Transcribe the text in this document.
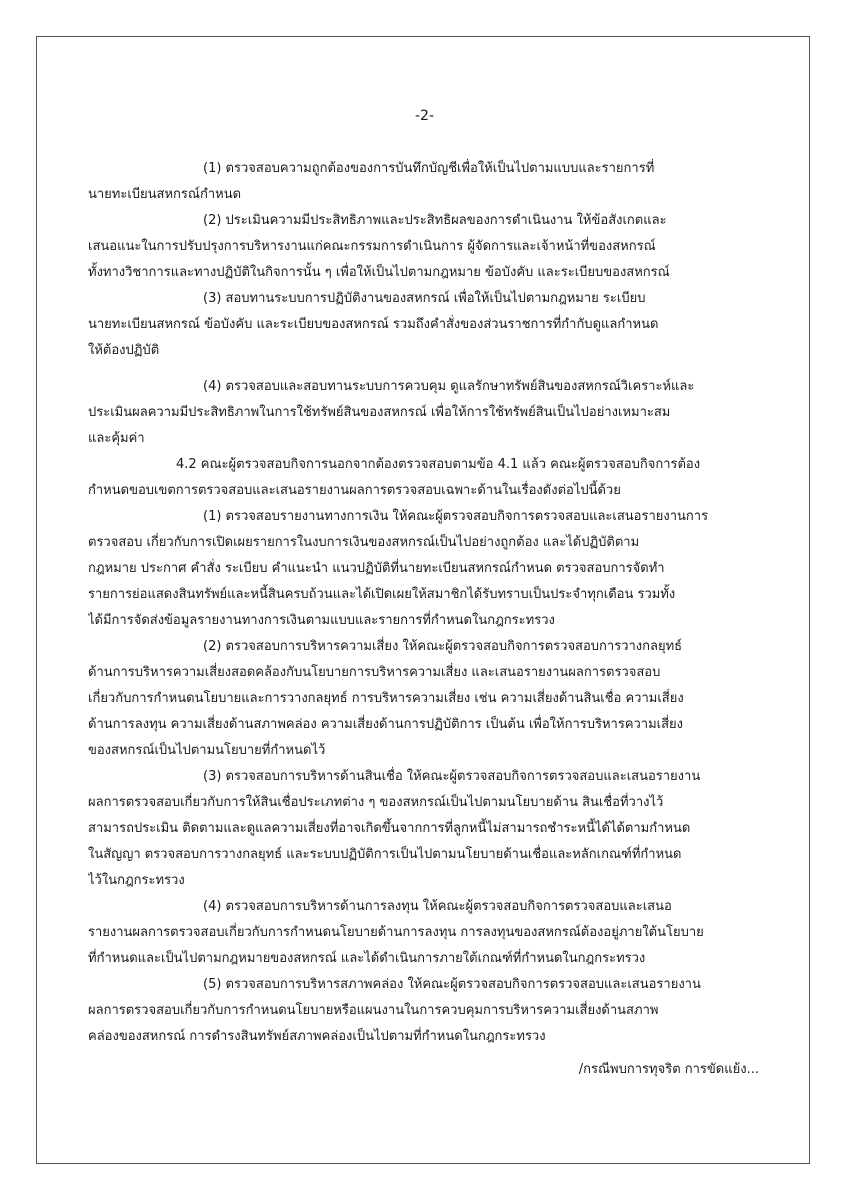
-2-
(1) ตรวจสอบความถูกต้องของการบันทึกบัญชีเพื่อให้เป็นไปตามแบบและรายการที่
นายทะเบียนสหกรณ์กำหนด
(2) ประเมินความมีประสิทธิภาพและประสิทธิผลของการดำเนินงาน ให้ข้อสังเกตและ
เสนอแนะในการปรับปรุงการบริหารงานแก่คณะกรรมการดำเนินการ ผู้จัดการและเจ้าหน้าที่ของสหกรณ์
ทั้งทางวิชาการและทางปฏิบัติในกิจการนั้น ๆ เพื่อให้เป็นไปตามกฎหมาย ข้อบังคับ และระเบียบของสหกรณ์
(3) สอบทานระบบการปฏิบัติงานของสหกรณ์ เพื่อให้เป็นไปตามกฎหมาย ระเบียบ
นายทะเบียนสหกรณ์ ข้อบังคับ และระเบียบของสหกรณ์ รวมถึงคำสั่งของส่วนราชการที่กำกับดูแลกำหนด
ให้ต้องปฏิบัติ
(4) ตรวจสอบและสอบทานระบบการควบคุม ดูแลรักษาทรัพย์สินของสหกรณ์วิเคราะห์และ
ประเมินผลความมีประสิทธิภาพในการใช้ทรัพย์สินของสหกรณ์ เพื่อให้การใช้ทรัพย์สินเป็นไปอย่างเหมาะสม
และคุ้มค่า
4.2 คณะผู้ตรวจสอบกิจการนอกจากต้องตรวจสอบตามข้อ 4.1 แล้ว คณะผู้ตรวจสอบกิจการต้อง
กำหนดขอบเขตการตรวจสอบและเสนอรายงานผลการตรวจสอบเฉพาะด้านในเรื่องดังต่อไปนี้ด้วย
(1) ตรวจสอบรายงานทางการเงิน ให้คณะผู้ตรวจสอบกิจการตรวจสอบและเสนอรายงานการ
ตรวจสอบ เกี่ยวกับการเปิดเผยรายการในงบการเงินของสหกรณ์เป็นไปอย่างถูกต้อง และได้ปฏิบัติตาม
กฎหมาย ประกาศ คำสั่ง ระเบียบ คำแนะนำ แนวปฏิบัติที่นายทะเบียนสหกรณ์กำหนด ตรวจสอบการจัดทำ
รายการย่อแสดงสินทรัพย์และหนี้สินครบถ้วนและได้เปิดเผยให้สมาชิกได้รับทราบเป็นประจำทุกเดือน รวมทั้ง
ได้มีการจัดส่งข้อมูลรายงานทางการเงินตามแบบและรายการที่กำหนดในกฎกระทรวง
(2) ตรวจสอบการบริหารความเสี่ยง ให้คณะผู้ตรวจสอบกิจการตรวจสอบการวางกลยุทธ์
ด้านการบริหารความเสี่ยงสอดคล้องกับนโยบายการบริหารความเสี่ยง และเสนอรายงานผลการตรวจสอบ
เกี่ยวกับการกำหนดนโยบายและการวางกลยุทธ์ การบริหารความเสี่ยง เช่น ความเสี่ยงด้านสินเชื่อ ความเสี่ยง
ด้านการลงทุน ความเสี่ยงด้านสภาพคล่อง ความเสี่ยงด้านการปฏิบัติการ เป็นต้น เพื่อให้การบริหารความเสี่ยง
ของสหกรณ์เป็นไปตามนโยบายที่กำหนดไว้
(3) ตรวจสอบการบริหารด้านสินเชื่อ ให้คณะผู้ตรวจสอบกิจการตรวจสอบและเสนอรายงาน
ผลการตรวจสอบเกี่ยวกับการให้สินเชื่อประเภทต่าง ๆ ของสหกรณ์เป็นไปตามนโยบายด้าน สินเชื่อที่วางไว้
สามารถประเมิน ติดตามและดูแลความเสี่ยงที่อาจเกิดขึ้นจากการที่ลูกหนี้ไม่สามารถชำระหนี้ได้ได้ตามกำหนด
ในสัญญา ตรวจสอบการวางกลยุทธ์ และระบบปฏิบัติการเป็นไปตามนโยบายด้านเชื่อและหลักเกณฑ์ที่กำหนด
ไว้ในกฎกระทรวง
(4) ตรวจสอบการบริหารด้านการลงทุน ให้คณะผู้ตรวจสอบกิจการตรวจสอบและเสนอ
รายงานผลการตรวจสอบเกี่ยวกับการกำหนดนโยบายด้านการลงทุน การลงทุนของสหกรณ์ต้องอยู่ภายใต้นโยบาย
ที่กำหนดและเป็นไปตามกฎหมายของสหกรณ์ และได้ดำเนินการภายใต้เกณฑ์ที่กำหนดในกฎกระทรวง
(5) ตรวจสอบการบริหารสภาพคล่อง ให้คณะผู้ตรวจสอบกิจการตรวจสอบและเสนอรายงาน
ผลการตรวจสอบเกี่ยวกับการกำหนดนโยบายหรือแผนงานในการควบคุมการบริหารความเสี่ยงด้านสภาพ
คล่องของสหกรณ์ การดำรงสินทรัพย์สภาพคล่องเป็นไปตามที่กำหนดในกฎกระทรวง
/กรณีพบการทุจริต การขัดแย้ง...
